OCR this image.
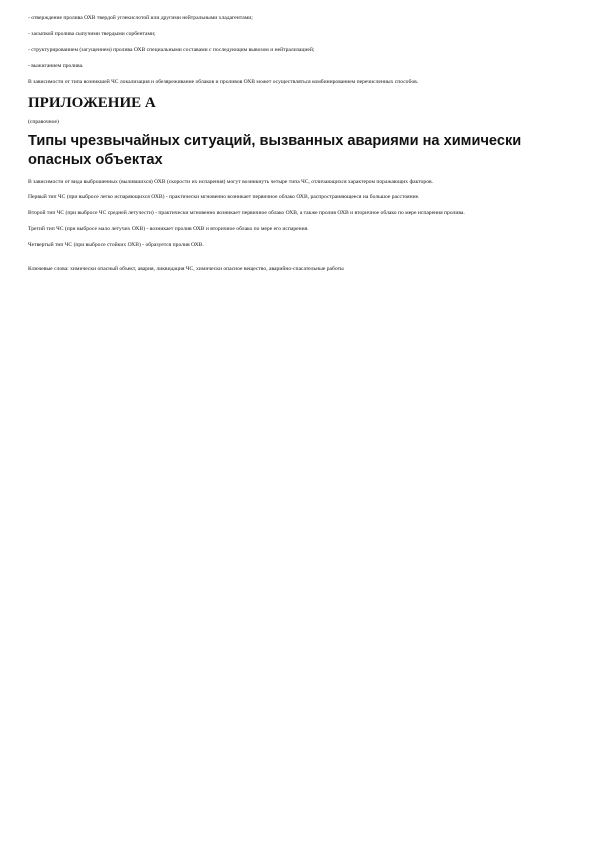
- отверждение пролива ОХВ твердой углекислотой или другими нейтральными хладагентами;

- засыпкой пролива сыпучими твердыми сорбентами;

- структурированием (загущением) пролива ОХВ специальными составами с последующим вывозом и нейтрализацией;

- выжиганием пролива.

В зависимости от типа возникшей ЧС локализация и обезвреживание облаков и проливов ОХВ может осуществляться комбинированием перечисленных способов.

ПРИЛОЖЕНИЕ А

(справочное)

Типы чрезвычайных ситуаций, вызванных авариями на химически опасных объектах

В зависимости от вида выброшенных (вылившихся) ОХВ (скорости их испарения) могут возникнуть четыре типа ЧС, отличающихся характером поражающих факторов.

Первый тип ЧС (при выбросе легко испаряющихся ОХВ) - практически мгновенно возникает первичное облако ОХВ, распространяющееся на большое расстояние.

Второй тип ЧС (при выбросе ЧС средней летучести) - практически мгновенно возникает первичное облако ОХВ, а также пролив ОХВ и вторичное облако по мере испарения пролива.

Третий тип ЧС (при выбросе мало летучих ОХВ) - возникает пролив ОХВ и вторичное облако по мере его испарения.

Четвертый тип ЧС (при выбросе стойких ОХВ) - образуется пролив ОХВ.

Ключевые слова: химически опасный объект, авария, ликвидация ЧС, химически опасное вещество, аварийно-спасательные работы
